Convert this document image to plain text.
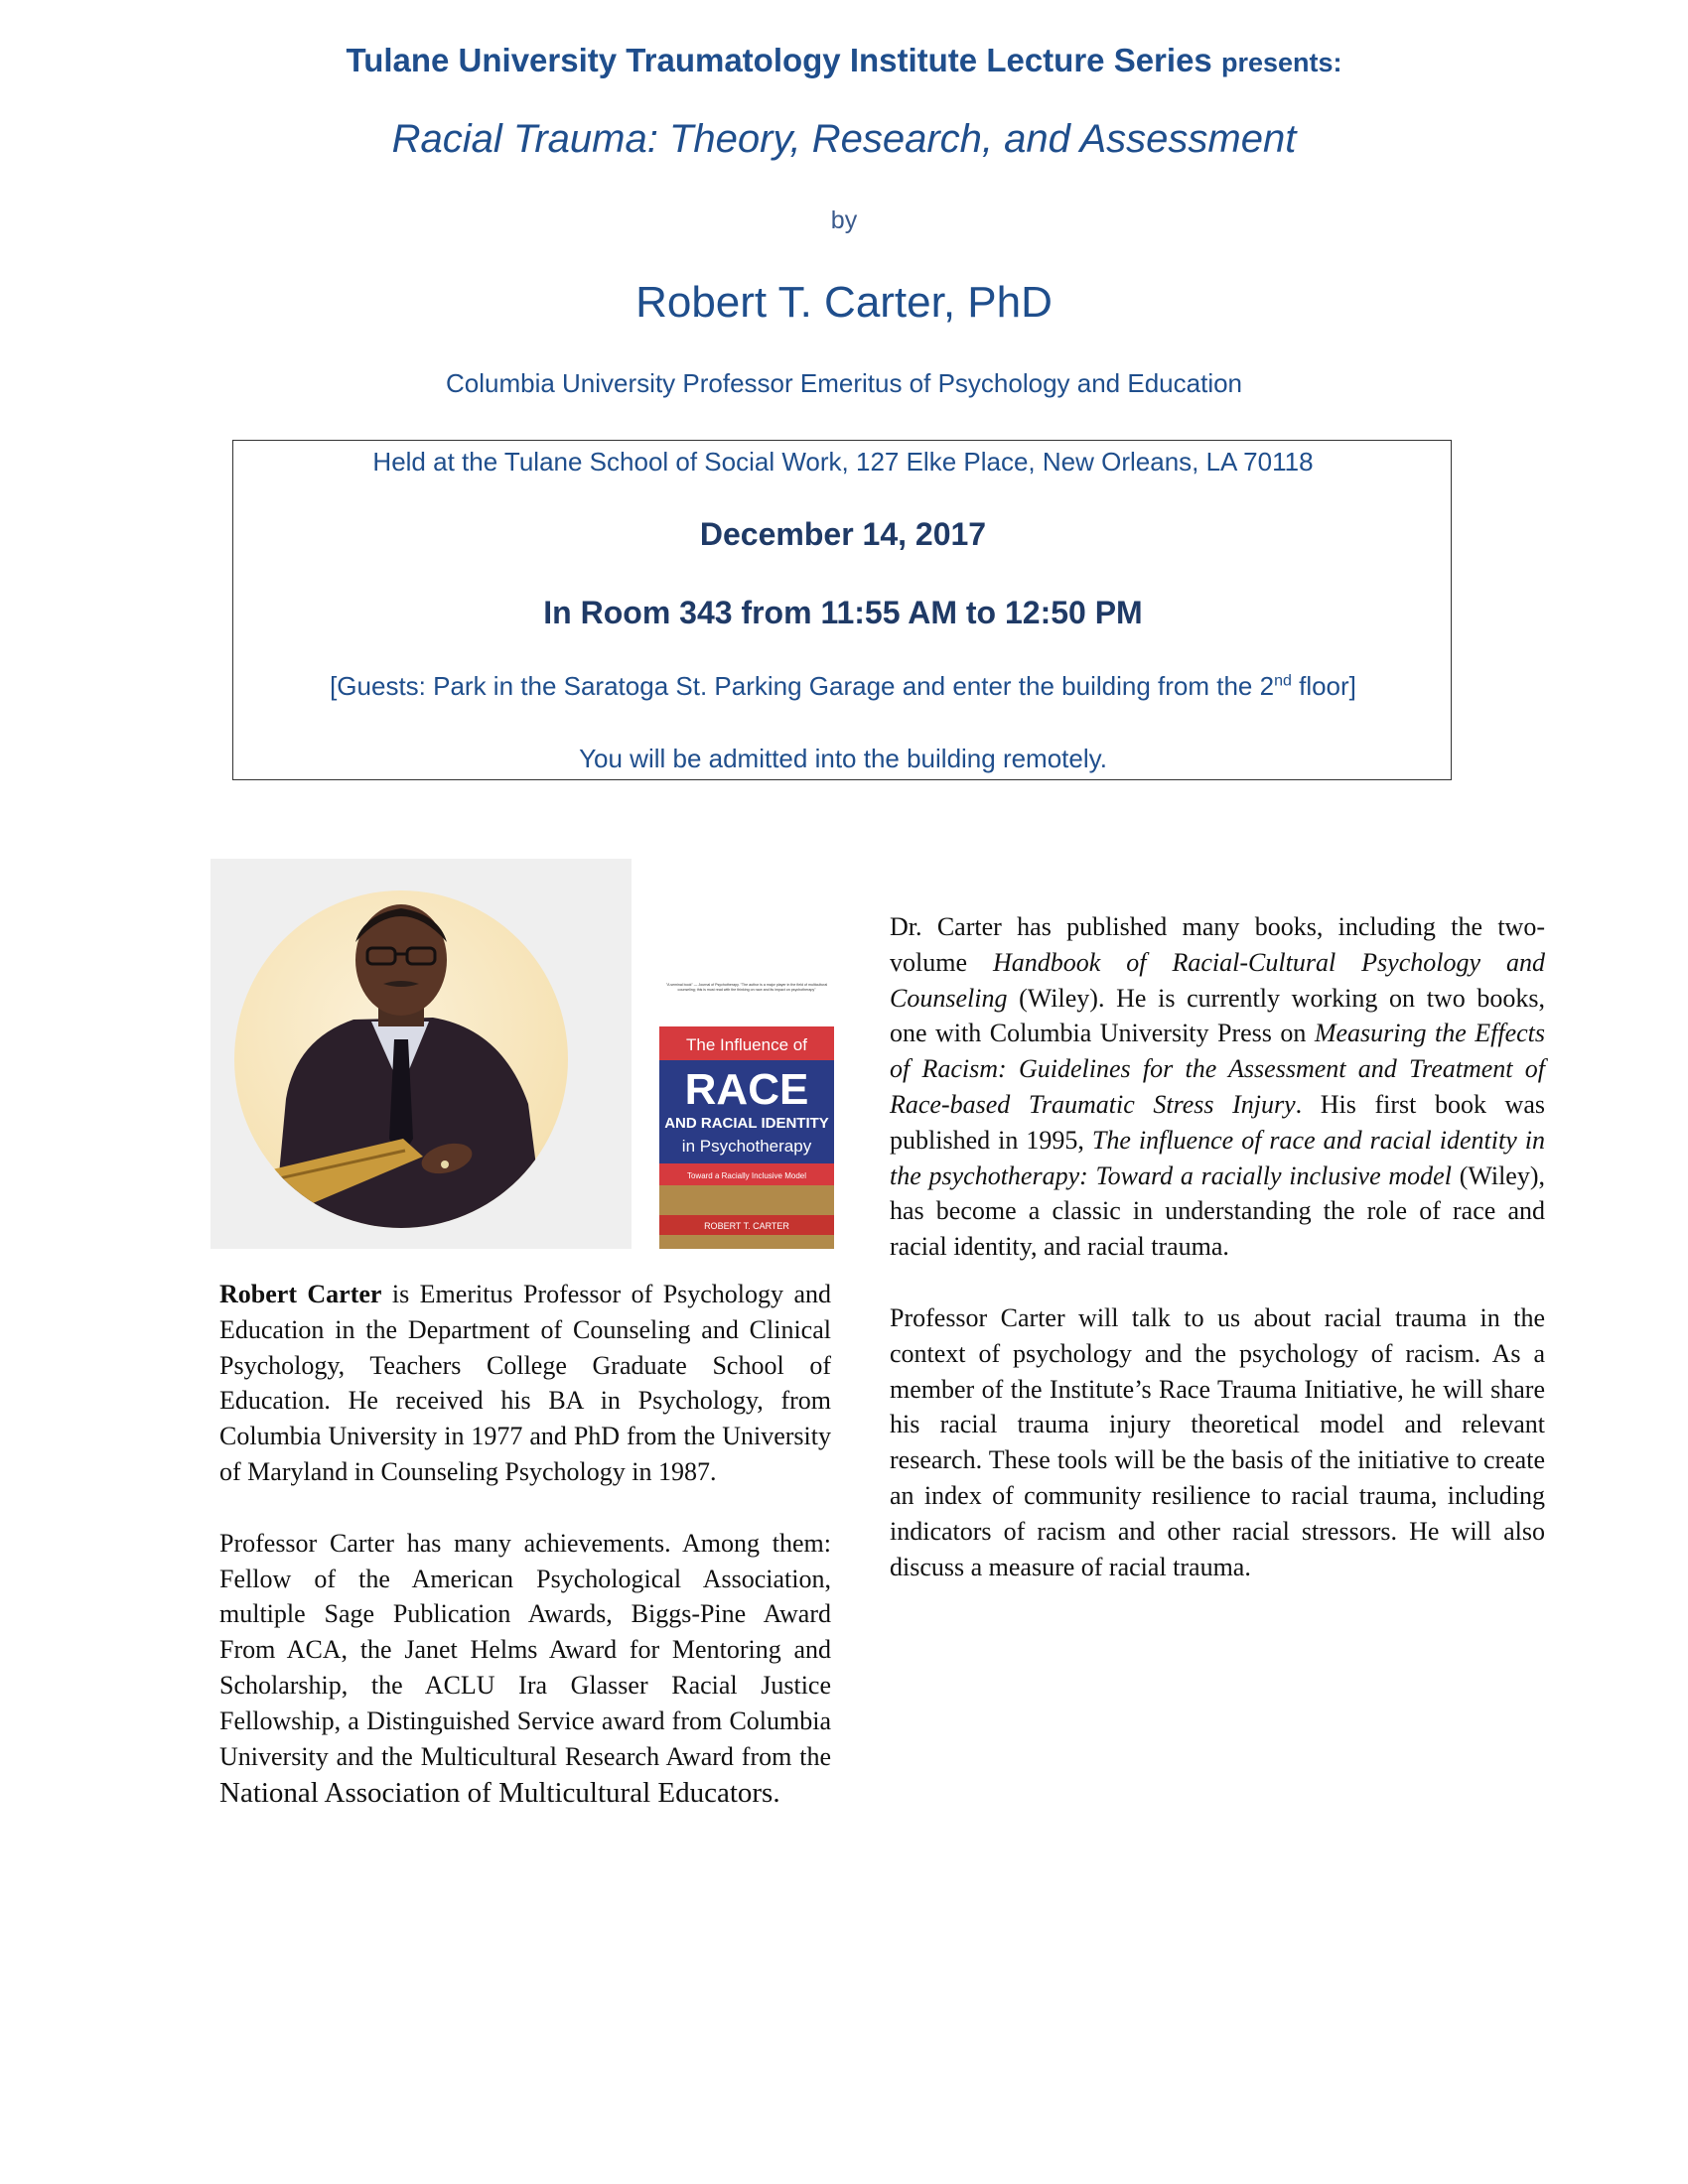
Tulane University Traumatology Institute Lecture Series presents:
Racial Trauma: Theory, Research, and Assessment
by
Robert T. Carter, PhD
Columbia University Professor Emeritus of Psychology and Education
Held at the Tulane School of Social Work, 127 Elke Place, New Orleans, LA 70118
December 14, 2017
In Room 343 from 11:55 AM to 12:50 PM
[Guests: Park in the Saratoga St. Parking Garage and enter the building from the 2nd floor]
You will be admitted into the building remotely.
"A seminal book" — Journal of Psychotherapy. "The author is a major player in the field of multicultural counseling; this is must read with the thinking on race and its impact on psychotherapy"
The Influence of
RACE
AND RACIAL IDENTITY
in Psychotherapy
Toward a Racially Inclusive Model
ROBERT T. CARTER

Robert Carter is Emeritus Professor of Psychology and Education in the Department of Counseling and Clinical Psychology, Teachers College Graduate School of Education. He received his BA in Psychology, from Columbia University in 1977 and PhD from the University of Maryland in Counseling Psychology in 1987.

Professor Carter has many achievements. Among them: Fellow of the American Psychological Association, multiple Sage Publication Awards, Biggs-Pine Award From ACA, the Janet Helms Award for Mentoring and Scholarship, the ACLU Ira Glasser Racial Justice Fellowship, a Distinguished Service award from Columbia University and the Multicultural Research Award from the National Association of Multicultural Educators.

Dr. Carter has published many books, including the two-volume Handbook of Racial-Cultural Psychology and Counseling (Wiley). He is currently working on two books, one with Columbia University Press on Measuring the Effects of Racism: Guidelines for the Assessment and Treatment of Race-based Traumatic Stress Injury. His first book was published in 1995, The influence of race and racial identity in the psychotherapy: Toward a racially inclusive model (Wiley), has become a classic in understanding the role of race and racial identity, and racial trauma.

Professor Carter will talk to us about racial trauma in the context of psychology and the psychology of racism. As a member of the Institute’s Race Trauma Initiative, he will share his racial trauma injury theoretical model and relevant research. These tools will be the basis of the initiative to create an index of community resilience to racial trauma, including indicators of racism and other racial stressors. He will also discuss a measure of racial trauma.
